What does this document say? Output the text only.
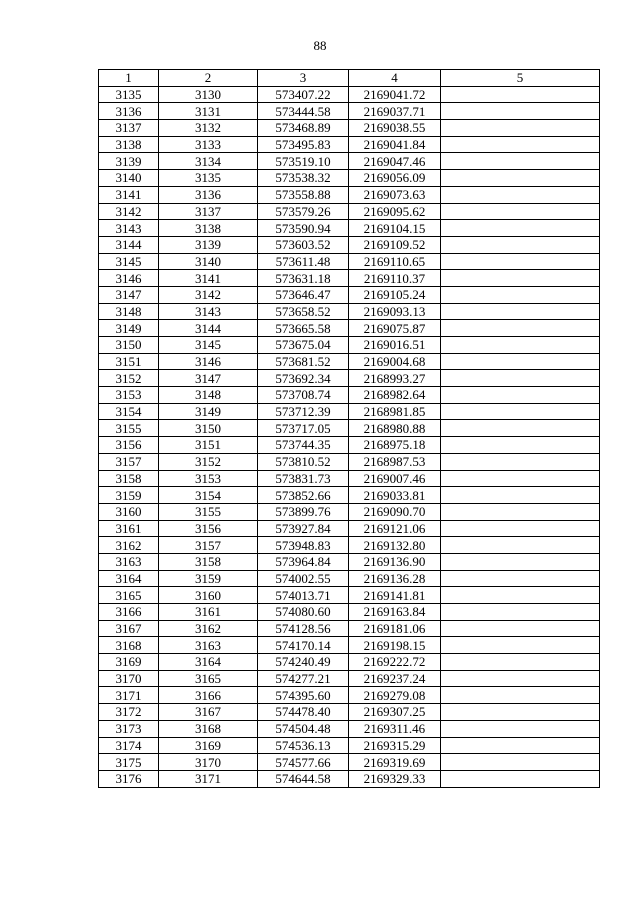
88
1	2	3	4	5
3135	3130	573407.22	2169041.72	
3136	3131	573444.58	2169037.71	
3137	3132	573468.89	2169038.55	
3138	3133	573495.83	2169041.84	
3139	3134	573519.10	2169047.46	
3140	3135	573538.32	2169056.09	
3141	3136	573558.88	2169073.63	
3142	3137	573579.26	2169095.62	
3143	3138	573590.94	2169104.15	
3144	3139	573603.52	2169109.52	
3145	3140	573611.48	2169110.65	
3146	3141	573631.18	2169110.37	
3147	3142	573646.47	2169105.24	
3148	3143	573658.52	2169093.13	
3149	3144	573665.58	2169075.87	
3150	3145	573675.04	2169016.51	
3151	3146	573681.52	2169004.68	
3152	3147	573692.34	2168993.27	
3153	3148	573708.74	2168982.64	
3154	3149	573712.39	2168981.85	
3155	3150	573717.05	2168980.88	
3156	3151	573744.35	2168975.18	
3157	3152	573810.52	2168987.53	
3158	3153	573831.73	2169007.46	
3159	3154	573852.66	2169033.81	
3160	3155	573899.76	2169090.70	
3161	3156	573927.84	2169121.06	
3162	3157	573948.83	2169132.80	
3163	3158	573964.84	2169136.90	
3164	3159	574002.55	2169136.28	
3165	3160	574013.71	2169141.81	
3166	3161	574080.60	2169163.84	
3167	3162	574128.56	2169181.06	
3168	3163	574170.14	2169198.15	
3169	3164	574240.49	2169222.72	
3170	3165	574277.21	2169237.24	
3171	3166	574395.60	2169279.08	
3172	3167	574478.40	2169307.25	
3173	3168	574504.48	2169311.46	
3174	3169	574536.13	2169315.29	
3175	3170	574577.66	2169319.69	
3176	3171	574644.58	2169329.33	
